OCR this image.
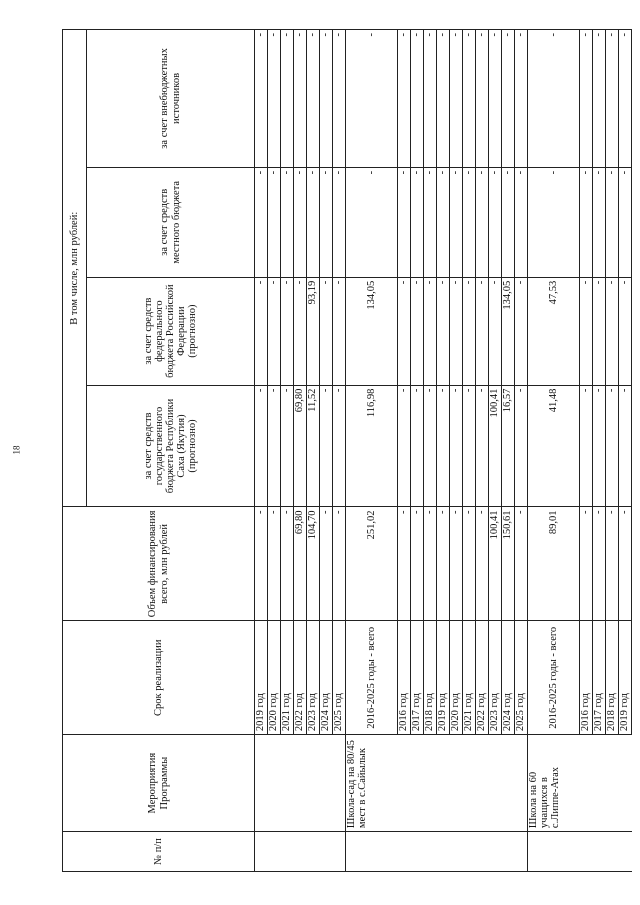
18
№ п/п	Мероприятия Программы	Срок реализации	Объем финансирования всего, млн рублей	В том числе, млн рублей:			
				за счет средств государственного бюджета Республики Саха (Якутия) (прогнозно)	за счет средств федерального бюджета Российской Федерации (прогнозно)	за счет средств местного бюджета	за счет внебюджетных источников
		2019 год	-	-	-	-	-
		2020 год	-	-	-	-	-
		2021 год	-	-	-	-	-
		2022 год	69,80	69,80	-	-	-
		2023 год	104,70	11,52	93,19	-	-
		2024 год	-	-	-	-	-
		2025 год	-	-	-	-	-
	Школа-сад на 80/45 мест в с.Сайылык	2016-2025 годы - всего	251,02	116,98	134,05	-	-
		2016 год	-	-	-	-	-
		2017 год	-	-	-	-	-
		2018 год	-	-	-	-	-
		2019 год	-	-	-	-	-
		2020 год	-	-	-	-	-
		2021 год	-	-	-	-	-
		2022 год	-	-	-	-	-
		2023 год	100,41	100,41	-	-	-
		2024 год	150,61	16,57	134,05	-	-
		2025 год	-	-	-	-	-
	Школа на 60 учащихся в с.Липпе-Атах	2016-2025 годы - всего	89,01	41,48	47,53	-	-
		2016 год	-	-	-	-	-
		2017 год	-	-	-	-	-
		2018 год	-	-	-	-	-
		2019 год	-	-	-	-	-
